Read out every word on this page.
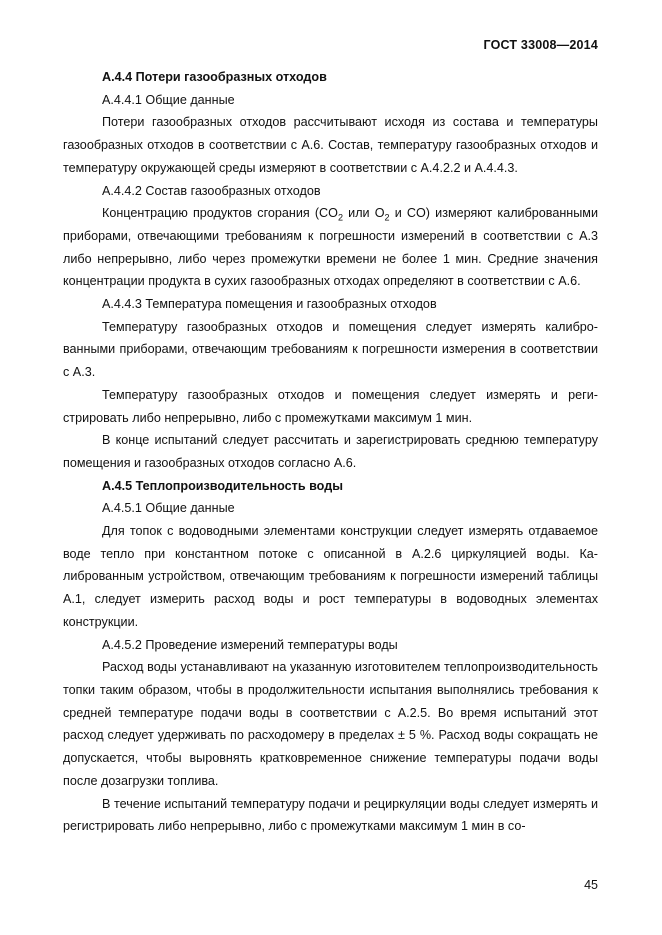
ГОСТ 33008—2014

А.4.4 Потери газообразных отходов

А.4.4.1 Общие данные

Потери газообразных отходов рассчитывают исходя из состава и температуры газообразных отходов в соответствии с А.6. Состав, температуру газообразных отходов и температуру окружающей среды измеряют в соответствии с А.4.2.2 и А.4.4.3.

А.4.4.2 Состав газообразных отходов

Концентрацию продуктов сгорания ($CO_2$ или $O_2$ и CO) измеряют калиброванными приборами, отвечающими требованиям к погрешности измерений в соответствии с А.3 либо непрерывно, либо через промежутки времени не более 1 мин. Средние значения концентрации продукта в сухих газообразных отходах определяют в соответствии с А.6.

А.4.4.3 Температура помещения и газообразных отходов

Температуру газообразных отходов и помещения следует измерять калиброванными приборами, отвечающим требованиям к погрешности измерения в соответствии с А.3.

Температуру газообразных отходов и помещения следует измерять и регистрировать либо непрерывно, либо с промежутками максимум 1 мин.

В конце испытаний следует рассчитать и зарегистрировать среднюю температуру помещения и газообразных отходов согласно А.6.

А.4.5 Теплопроизводительность воды

А.4.5.1 Общие данные

Для топок с водоводными элементами конструкции следует измерять отдаваемое воде тепло при константном потоке с описанной в А.2.6 циркуляцией воды. Калиброванным устройством, отвечающим требованиям к погрешности измерений таблицы А.1, следует измерить расход воды и рост температуры в водоводных элементах конструкции.

А.4.5.2 Проведение измерений температуры воды

Расход воды устанавливают на указанную изготовителем теплопроизводительность топки таким образом, чтобы в продолжительности испытания выполнялись требования к средней температуре подачи воды в соответствии с А.2.5. Во время испытаний этот расход следует удерживать по расходомеру в пределах ± 5 %. Расход воды сокращать не допускается, чтобы выровнять кратковременное снижение температуры подачи воды после дозагрузки топлива.

В течение испытаний температуру подачи и рециркуляции воды следует измерять и регистрировать либо непрерывно, либо с промежутками максимум 1 мин в со-

45
